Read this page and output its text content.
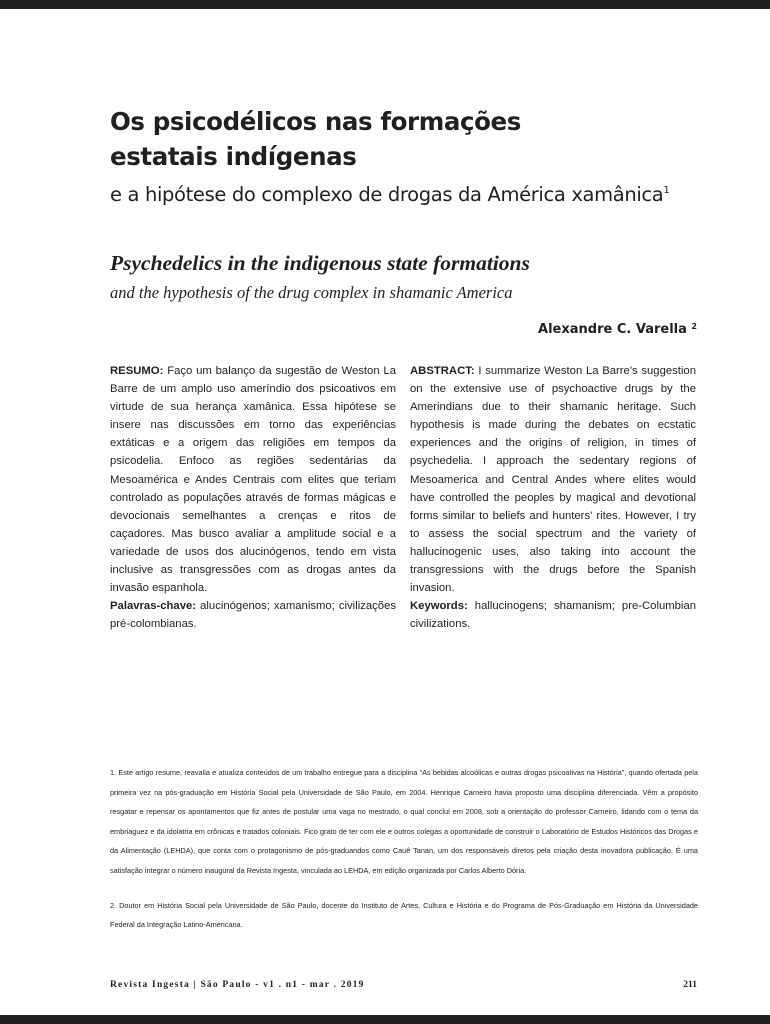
Os psicodélicos nas formações
estatais indígenas
e a hipótese do complexo de drogas da América xamânica$^1$
Psychedelics in the indigenous state formations
and the hypothesis of the drug complex in shamanic America
Alexandre C. Varella $^2$

RESUMO: Faço um balanço da sugestão de Weston La Barre de um amplo uso ameríndio dos psicoativos em virtude de sua herança xamânica. Essa hipótese se insere nas discussões em torno das experiências extáticas e a origem das religiões em tempos da psicodelia. Enfoco as regiões sedentárias da Mesoamérica e Andes Centrais com elites que teriam controlado as populações através de formas mágicas e devocionais semelhantes a crenças e ritos de caçadores. Mas busco avaliar a amplitude social e a variedade de usos dos alucinógenos, tendo em vista inclusive as transgressões com as drogas antes da invasão espanhola.

Palavras-chave: alucinógenos; xamanismo; civilizações pré-colombianas.

ABSTRACT: I summarize Weston La Barre's suggestion on the extensive use of psychoactive drugs by the Amerindians due to their shamanic heritage. Such hypothesis is made during the debates on ecstatic experiences and the origins of religion, in times of psychedelia. I approach the sedentary regions of Mesoamerica and Central Andes where elites would have controlled the peoples by magical and devotional forms similar to beliefs and hunters' rites. However, I try to assess the social spectrum and the variety of hallucinogenic uses, also taking into account the transgressions with the drugs before the Spanish invasion.

Keywords: hallucinogens; shamanism; pre-Columbian civilizations.

1. Este artigo resume, reavalia e atualiza conteúdos de um trabalho entregue para a disciplina “As bebidas alcoólicas e outras drogas psicoativas na História”, quando ofertada pela primeira vez na pós-graduação em História Social pela Universidade de São Paulo, em 2004. Henrique Carneiro havia proposto uma disciplina diferenciada. Vêm a propósito resgatar e repensar os apontamentos que fiz antes de postular uma vaga no mestrado, o qual concluí em 2008, sob a orientação do professor Carneiro, lidando com o tema da embriaguez e da idolatria em crônicas e tratados coloniais. Fico grato de ter com ele e outros colegas a oportunidade de construir o Laboratório de Estudos Históricos das Drogas e da Alimentação (LEHDA), que conta com o protagonismo de pós-graduandos como Cauê Tanan, um dos responsáveis diretos pela criação desta inovadora publicação. É uma satisfação integrar o número inaugural da Revista Ingesta, vinculada ao LEHDA, em edição organizada por Carlos Alberto Dória.

2. Doutor em História Social pela Universidade de São Paulo, docente do Instituto de Artes, Cultura e História e do Programa de Pós-Graduação em História da Universidade Federal da Integração Latino-Americana.

Revista Ingesta | São Paulo - v1 . n1 - mar . 2019	211
